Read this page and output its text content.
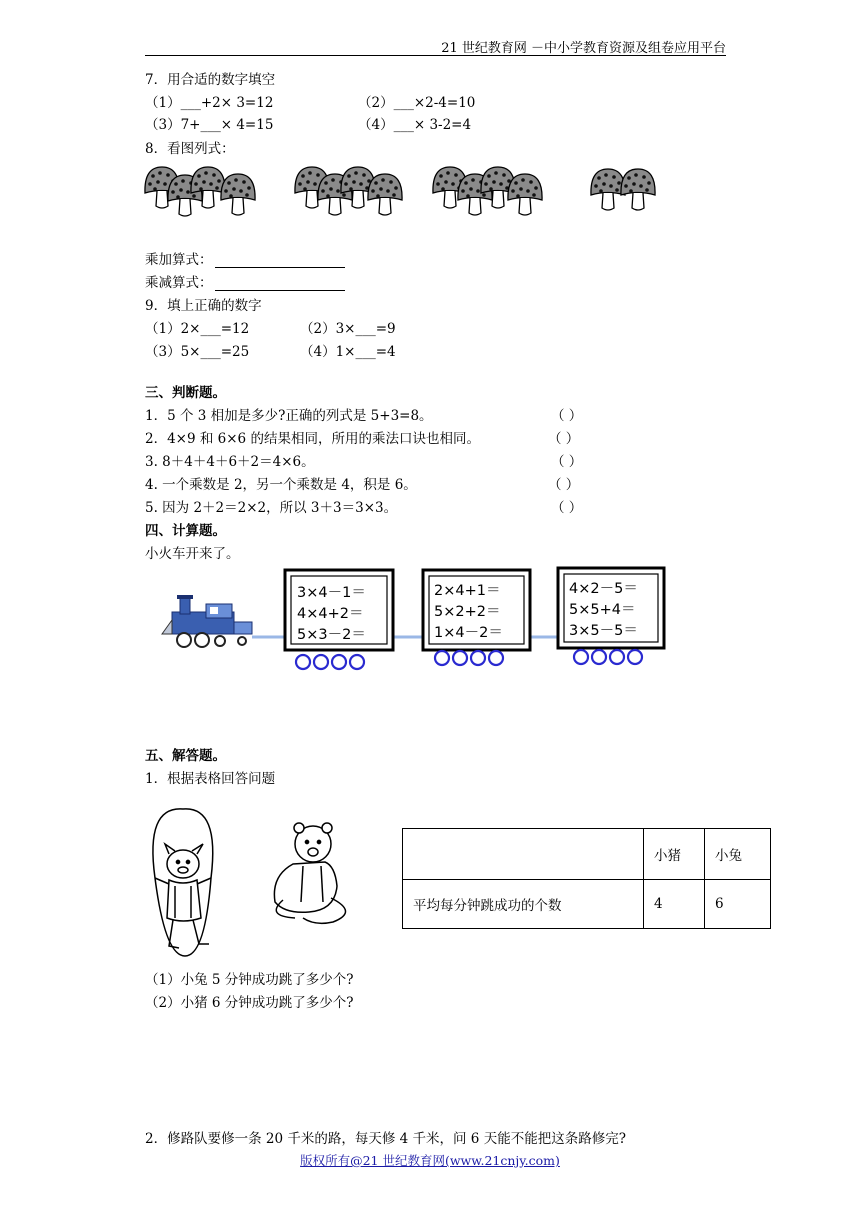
21 世纪教育网 －中小学教育资源及组卷应用平台
7．用合适的数字填空
（1）___+2× 3=12	（2）___×2-4=10
（3）7+___× 4=15	（4）___× 3-2=4
8．看图列式：
乘加算式：
乘减算式：
9．填上正确的数字
（1）2×___=12	（2）3×___=9
（3）5×___=25	（4）1×___=4
三、判断题。
1．5 个 3 相加是多少?正确的列式是 5+3=8。	（ ）
2．4×9 和 6×6 的结果相同，所用的乘法口诀也相同。	（ ）
3. 8＋4＋4＋6＋2＝4×6。	（ ）
4. 一个乘数是 2，另一个乘数是 4，积是 6。	（ ）
5. 因为 2＋2＝2×2，所以 3＋3＝3×3。	（ ）
四、计算题。
小火车开来了。
3×4－1＝
4×4+2＝
5×3－2＝
2×4+1＝
5×2+2＝
1×4－2＝
4×2－5＝
5×5+4＝
3×5－5＝
五、解答题。
1．根据表格回答问题
	小猪	小兔
平均每分钟跳成功的个数	4	6
（1）小兔 5 分钟成功跳了多少个?
（2）小猪 6 分钟成功跳了多少个?
2．修路队要修一条 20 千米的路，每天修 4 千米，问 6 天能不能把这条路修完?
版权所有@21 世纪教育网(www.21cnjy.com)
